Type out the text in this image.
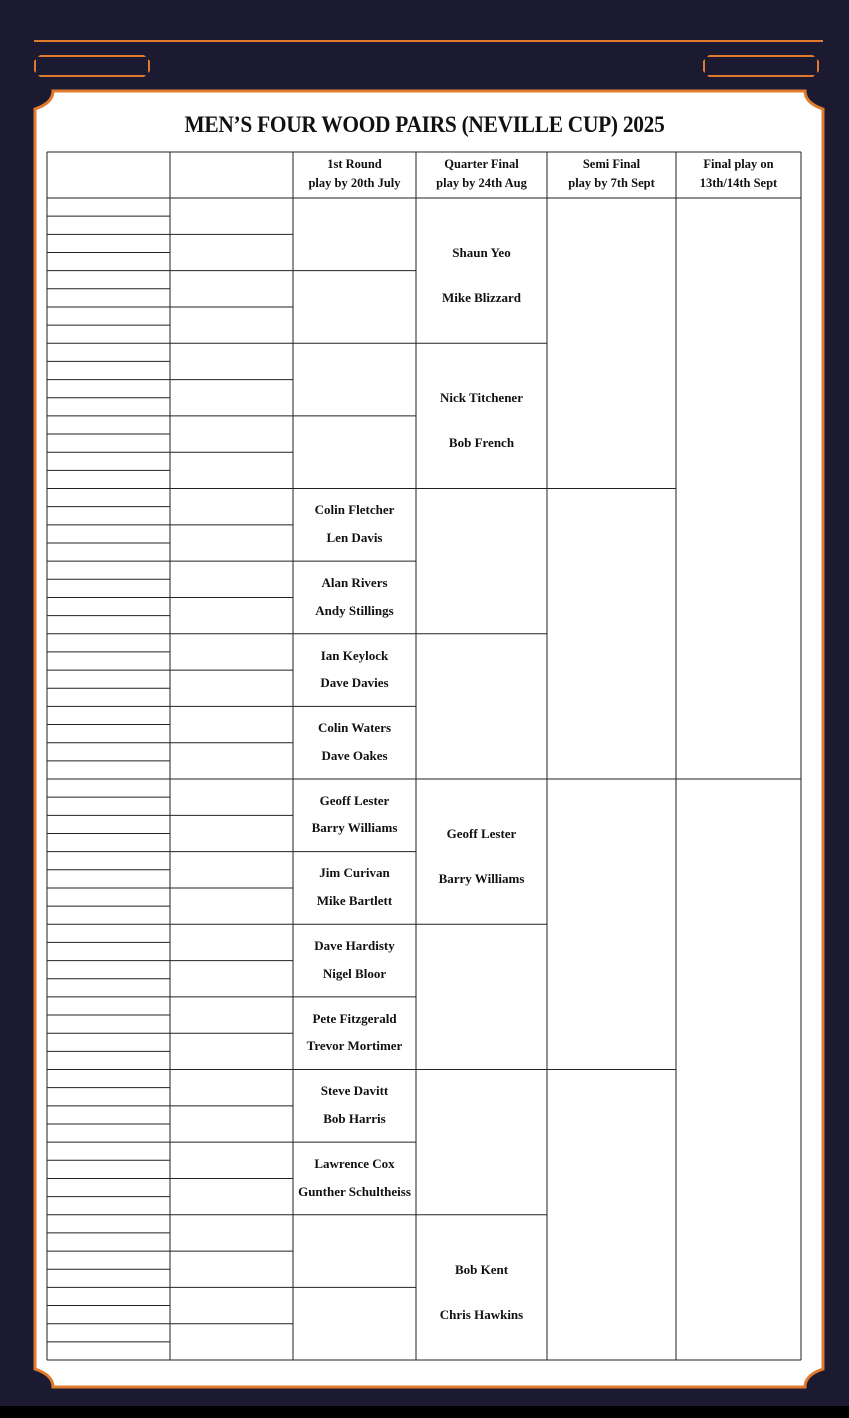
MEN’S FOUR WOOD PAIRS (NEVILLE CUP) 2025
1st Round
play by 20th July
Quarter Final
play by 24th Aug
Semi Final
play by 7th Sept
Final play on
13th/14th Sept
Colin Fletcher
Len Davis
Alan Rivers
Andy Stillings
Ian Keylock
Dave Davies
Colin Waters
Dave Oakes
Geoff Lester
Barry Williams
Jim Curivan
Mike Bartlett
Dave Hardisty
Nigel Bloor
Pete Fitzgerald
Trevor Mortimer
Steve Davitt
Bob Harris
Lawrence Cox
Gunther Schultheiss
Shaun Yeo
Mike Blizzard
Nick Titchener
Bob French
Geoff Lester
Barry Williams
Bob Kent
Chris Hawkins
